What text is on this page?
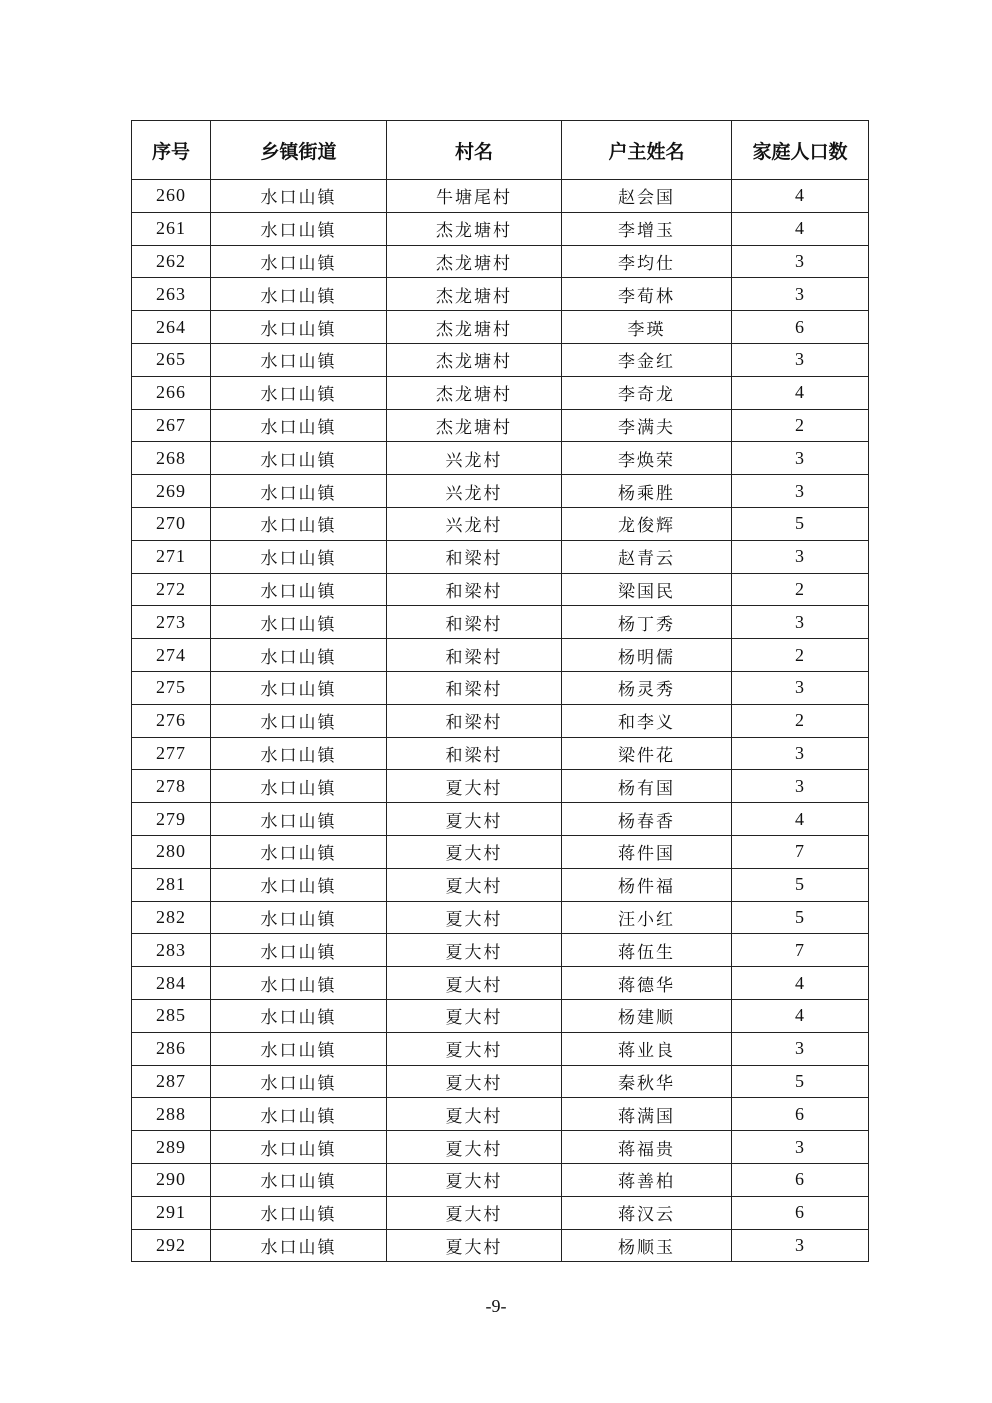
序号	乡镇街道	村名	户主姓名	家庭人口数
260	水口山镇	牛塘尾村	赵会国	4
261	水口山镇	杰龙塘村	李增玉	4
262	水口山镇	杰龙塘村	李均仕	3
263	水口山镇	杰龙塘村	李荀林	3
264	水口山镇	杰龙塘村	李瑛	6
265	水口山镇	杰龙塘村	李金红	3
266	水口山镇	杰龙塘村	李奇龙	4
267	水口山镇	杰龙塘村	李满夫	2
268	水口山镇	兴龙村	李焕荣	3
269	水口山镇	兴龙村	杨乘胜	3
270	水口山镇	兴龙村	龙俊辉	5
271	水口山镇	和梁村	赵青云	3
272	水口山镇	和梁村	梁国民	2
273	水口山镇	和梁村	杨丁秀	3
274	水口山镇	和梁村	杨明儒	2
275	水口山镇	和梁村	杨灵秀	3
276	水口山镇	和梁村	和李义	2
277	水口山镇	和梁村	梁件花	3
278	水口山镇	夏大村	杨有国	3
279	水口山镇	夏大村	杨春香	4
280	水口山镇	夏大村	蒋件国	7
281	水口山镇	夏大村	杨件福	5
282	水口山镇	夏大村	汪小红	5
283	水口山镇	夏大村	蒋伍生	7
284	水口山镇	夏大村	蒋德华	4
285	水口山镇	夏大村	杨建顺	4
286	水口山镇	夏大村	蒋业良	3
287	水口山镇	夏大村	秦秋华	5
288	水口山镇	夏大村	蒋满国	6
289	水口山镇	夏大村	蒋福贵	3
290	水口山镇	夏大村	蒋善柏	6
291	水口山镇	夏大村	蒋汉云	6
292	水口山镇	夏大村	杨顺玉	3
-9-
